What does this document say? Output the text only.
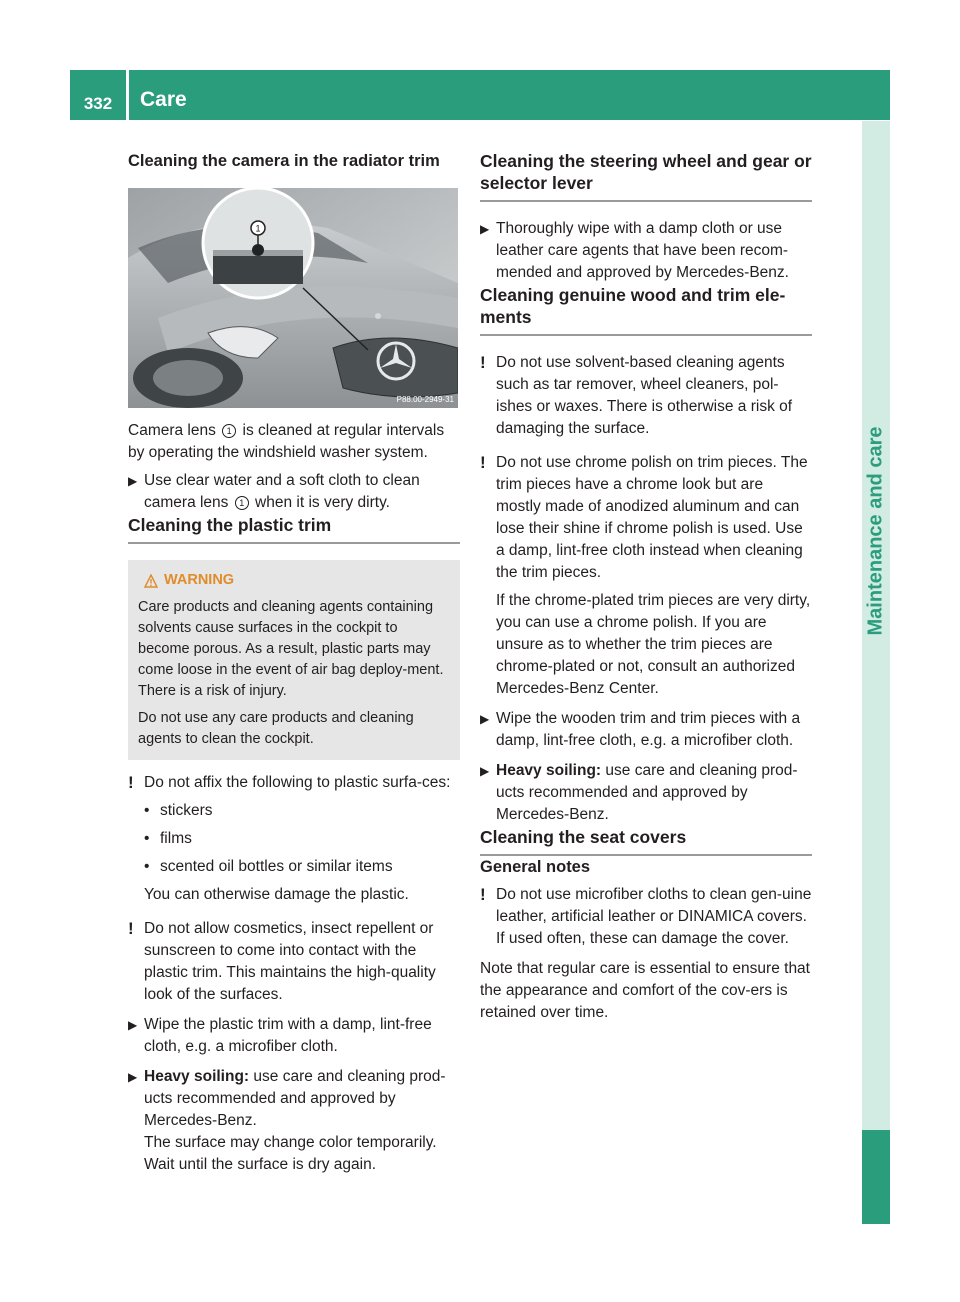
332	Care
Maintenance and care
Cleaning the camera in the radiator trim
1
P88.00-2949-31

Camera lens 1 is cleaned at regular intervals by operating the windshield washer system.

▶ Use clear water and a soft cloth to clean camera lens 1 when it is very dirty.
Cleaning the plastic trim
WARNING

Care products and cleaning agents containing solvents cause surfaces in the cockpit to become porous. As a result, plastic parts may come loose in the event of air bag deploy-ment. There is a risk of injury.

Do not use any care products and cleaning agents to clean the cockpit.

! Do not affix the following to plastic surfa-ces:
• stickers
• films
• scented oil bottles or similar items

You can otherwise damage the plastic.

! Do not allow cosmetics, insect repellent or sunscreen to come into contact with the plastic trim. This maintains the high-quality look of the surfaces.
▶ Wipe the plastic trim with a damp, lint-free cloth, e.g. a microfiber cloth.
▶ Heavy soiling: use care and cleaning prod-ucts recommended and approved by Mercedes-Benz.

The surface may change color temporarily. Wait until the surface is dry again.

Cleaning the steering wheel and gear or selector lever
▶ Thoroughly wipe with a damp cloth or use leather care agents that have been recom-mended and approved by Mercedes-Benz.
Cleaning genuine wood and trim ele-ments
! Do not use solvent-based cleaning agents such as tar remover, wheel cleaners, pol-ishes or waxes. There is otherwise a risk of damaging the surface.
! Do not use chrome polish on trim pieces. The trim pieces have a chrome look but are mostly made of anodized aluminum and can lose their shine if chrome polish is used. Use a damp, lint-free cloth instead when cleaning the trim pieces.

If the chrome-plated trim pieces are very dirty, you can use a chrome polish. If you are unsure as to whether the trim pieces are chrome-plated or not, consult an authorized Mercedes-Benz Center.

▶ Wipe the wooden trim and trim pieces with a damp, lint-free cloth, e.g. a microfiber cloth.
▶ Heavy soiling: use care and cleaning prod-ucts recommended and approved by Mercedes-Benz.
Cleaning the seat covers
General notes
! Do not use microfiber cloths to clean gen-uine leather, artificial leather or DINAMICA covers. If used often, these can damage the cover.

Note that regular care is essential to ensure that the appearance and comfort of the cov-ers is retained over time.
